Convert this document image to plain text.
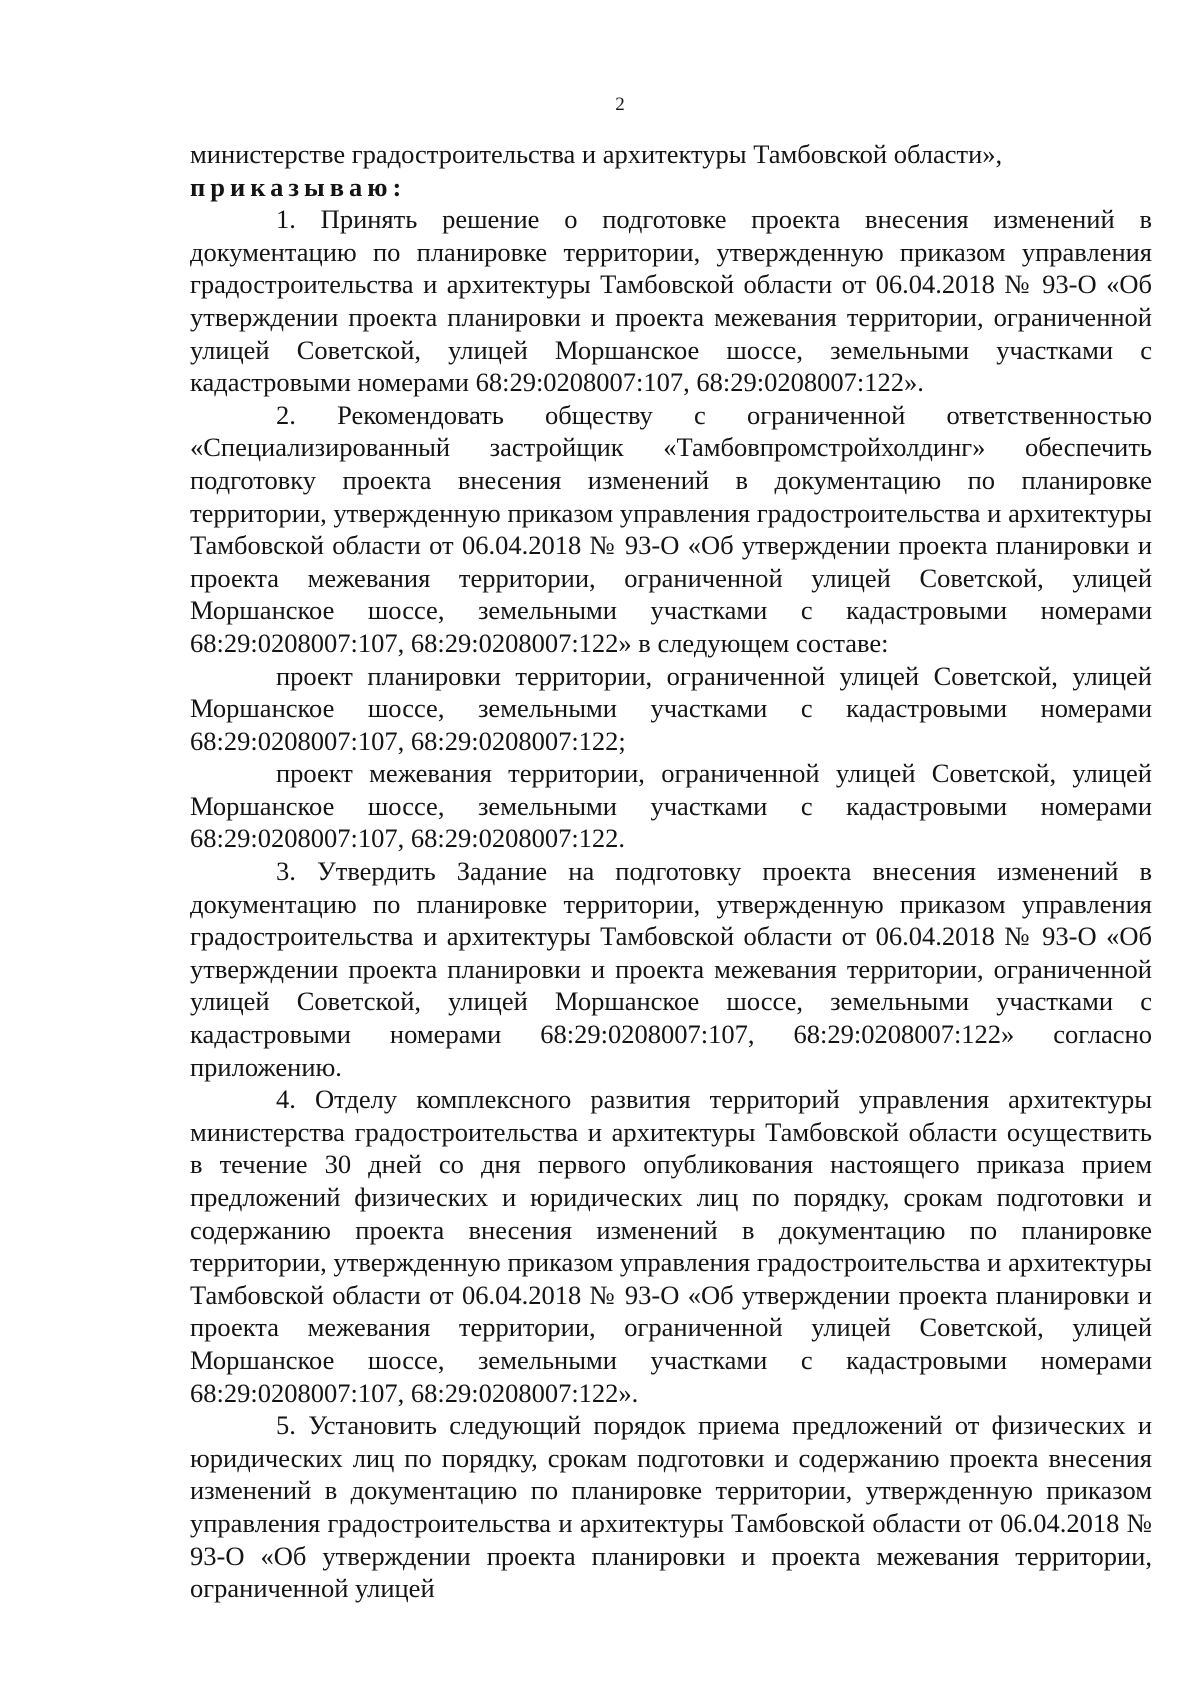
2

министерстве градостроительства и архитектуры Тамбовской области»,

приказываю:

1. Принять решение о подготовке проекта внесения изменений в документацию по планировке территории, утвержденную приказом управления градостроительства и архитектуры Тамбовской области от 06.04.2018 № 93-О «Об утверждении проекта планировки и проекта межевания территории, ограниченной улицей Советской, улицей Моршанское шоссе, земельными участками с кадастровыми номерами 68:29:0208007:107, 68:29:0208007:122».

2. Рекомендовать обществу с ограниченной ответственностью «Специализированный застройщик «Тамбовпромстройхолдинг» обеспечить подготовку проекта внесения изменений в документацию по планировке территории, утвержденную приказом управления градостроительства и архитектуры Тамбовской области от 06.04.2018 № 93-О «Об утверждении проекта планировки и проекта межевания территории, ограниченной улицей Советской, улицей Моршанское шоссе, земельными участками с кадастровыми номерами 68:29:0208007:107, 68:29:0208007:122» в следующем составе:

проект планировки территории, ограниченной улицей Советской, улицей Моршанское шоссе, земельными участками с кадастровыми номерами 68:29:0208007:107, 68:29:0208007:122;

проект межевания территории, ограниченной улицей Советской, улицей Моршанское шоссе, земельными участками с кадастровыми номерами 68:29:0208007:107, 68:29:0208007:122.

3. Утвердить Задание на подготовку проекта внесения изменений в документацию по планировке территории, утвержденную приказом управления градостроительства и архитектуры Тамбовской области от 06.04.2018 № 93-О «Об утверждении проекта планировки и проекта межевания территории, ограниченной улицей Советской, улицей Моршанское шоссе, земельными участками с кадастровыми номерами 68:29:0208007:107, 68:29:0208007:122» согласно приложению.

4. Отделу комплексного развития территорий управления архитектуры министерства градостроительства и архитектуры Тамбовской области осуществить в течение 30 дней со дня первого опубликования настоящего приказа прием предложений физических и юридических лиц по порядку, срокам подготовки и содержанию проекта внесения изменений в документацию по планировке территории, утвержденную приказом управления градостроительства и архитектуры Тамбовской области от 06.04.2018 № 93-О «Об утверждении проекта планировки и проекта межевания территории, ограниченной улицей Советской, улицей Моршанское шоссе, земельными участками с кадастровыми номерами 68:29:0208007:107, 68:29:0208007:122».

5. Установить следующий порядок приема предложений от физических и юридических лиц по порядку, срокам подготовки и содержанию проекта внесения изменений в документацию по планировке территории, утвержденную приказом управления градостроительства и архитектуры Тамбовской области от 06.04.2018 № 93-О «Об утверждении проекта планировки и проекта межевания территории, ограниченной улицей
